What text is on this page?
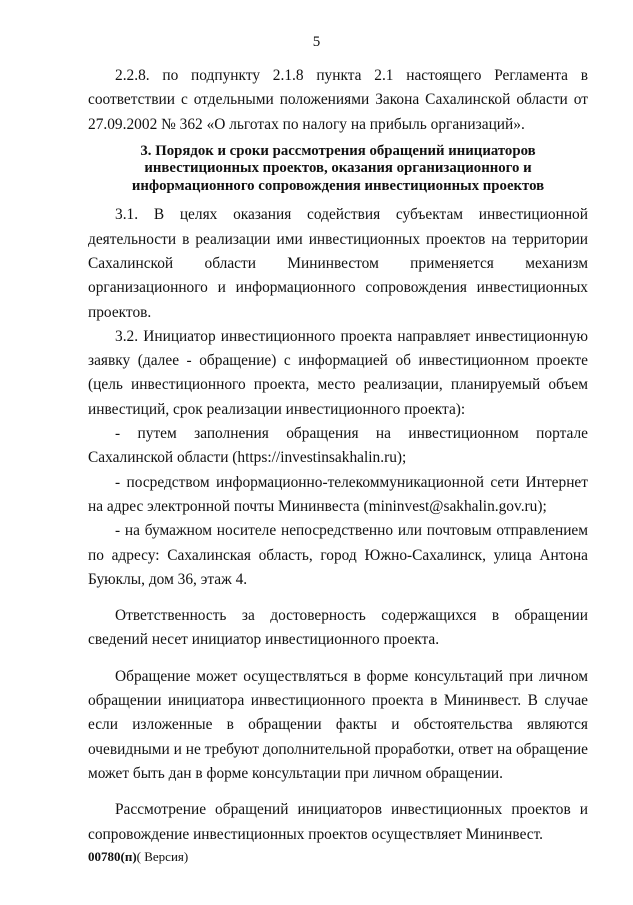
5

2.2.8. по подпункту 2.1.8 пункта 2.1 настоящего Регламента в соответствии с отдельными положениями Закона Сахалинской области от 27.09.2002 № 362 «О льготах по налогу на прибыль организаций».

3. Порядок и сроки рассмотрения обращений инициаторов
инвестиционных проектов, оказания организационного и
информационного сопровождения инвестиционных проектов

3.1. В целях оказания содействия субъектам инвестиционной деятельности в реализации ими инвестиционных проектов на территории Сахалинской области Мининвестом применяется механизм организационного и информационного сопровождения инвестиционных проектов.

3.2. Инициатор инвестиционного проекта направляет инвестиционную заявку (далее - обращение) с информацией об инвестиционном проекте (цель инвестиционного проекта, место реализации, планируемый объем инвестиций, срок реализации инвестиционного проекта):

- путем заполнения обращения на инвестиционном портале Сахалинской области (https://investinsakhalin.ru);

- посредством информационно-телекоммуникационной сети Интернет на адрес электронной почты Мининвеста (mininvest@sakhalin.gov.ru);

- на бумажном носителе непосредственно или почтовым отправлением по адресу: Сахалинская область, город Южно-Сахалинск, улица Антона Буюклы, дом 36, этаж 4.

Ответственность за достоверность содержащихся в обращении сведений несет инициатор инвестиционного проекта.

Обращение может осуществляться в форме консультаций при личном обращении инициатора инвестиционного проекта в Мининвест. В случае если изложенные в обращении факты и обстоятельства являются очевидными и не требуют дополнительной проработки, ответ на обращение может быть дан в форме консультации при личном обращении.

Рассмотрение обращений инициаторов инвестиционных проектов и сопровождение инвестиционных проектов осуществляет Мининвест.

00780(п)( Версия)
